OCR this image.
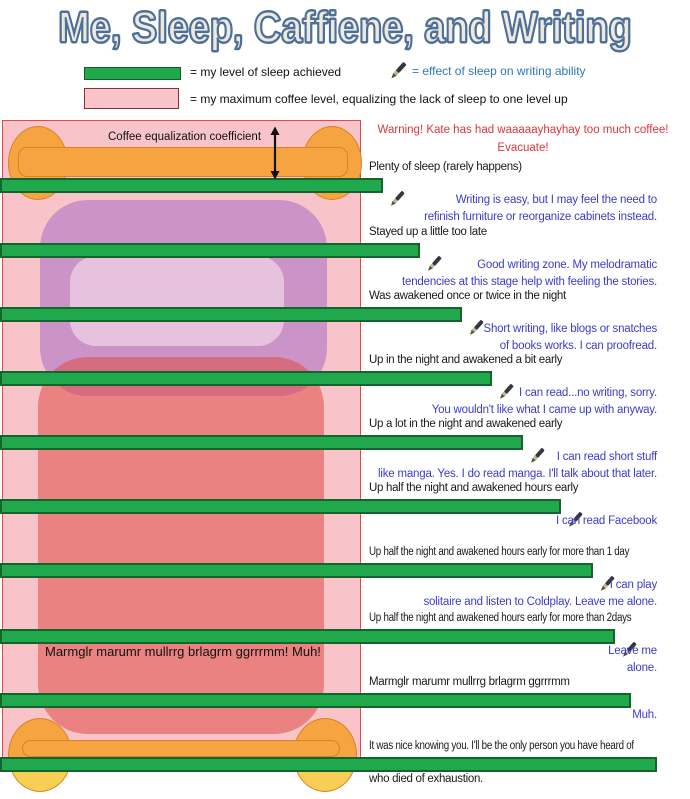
Me, Sleep, Caffiene, and Writing
= my level of sleep achieved	= effect of sleep on writing ability
= my maximum coffee level, equalizing the lack of sleep to one level up
Coffee equalization coefficient
Warning! Kate has had waaaaayhayhay too much coffee!
Evacuate!
Marmglr marumr mullrrg brlagrm ggrrrmm! Muh!
Plenty of sleep (rarely happens)
Writing is easy, but I may feel the need to
refinish furniture or reorganize cabinets instead.
Stayed up a little too late
Good writing zone. My melodramatic
tendencies at this stage help with feeling the stories.
Was awakened once or twice in the night
Short writing, like blogs or snatches
of books works. I can proofread.
Up in the night and awakened a bit early
I can read...no writing, sorry.
You wouldn't like what I came up with anyway.
Up a lot in the night and awakened early
I can read short stuff
like manga. Yes. I do read manga. I'll talk about that later.
Up half the night and awakened hours early
I can read Facebook
Up half the night and awakened hours early for more than 1 day
I can play
solitaire and listen to Coldplay. Leave me alone.
Up half the night and awakened hours early for more than 2days
Leave me
alone.
Marmglr marumr mullrrg brlagrm ggrrrmm
Muh.
It was nice knowing you. I'll be the only person you have heard of
who died of exhaustion.
